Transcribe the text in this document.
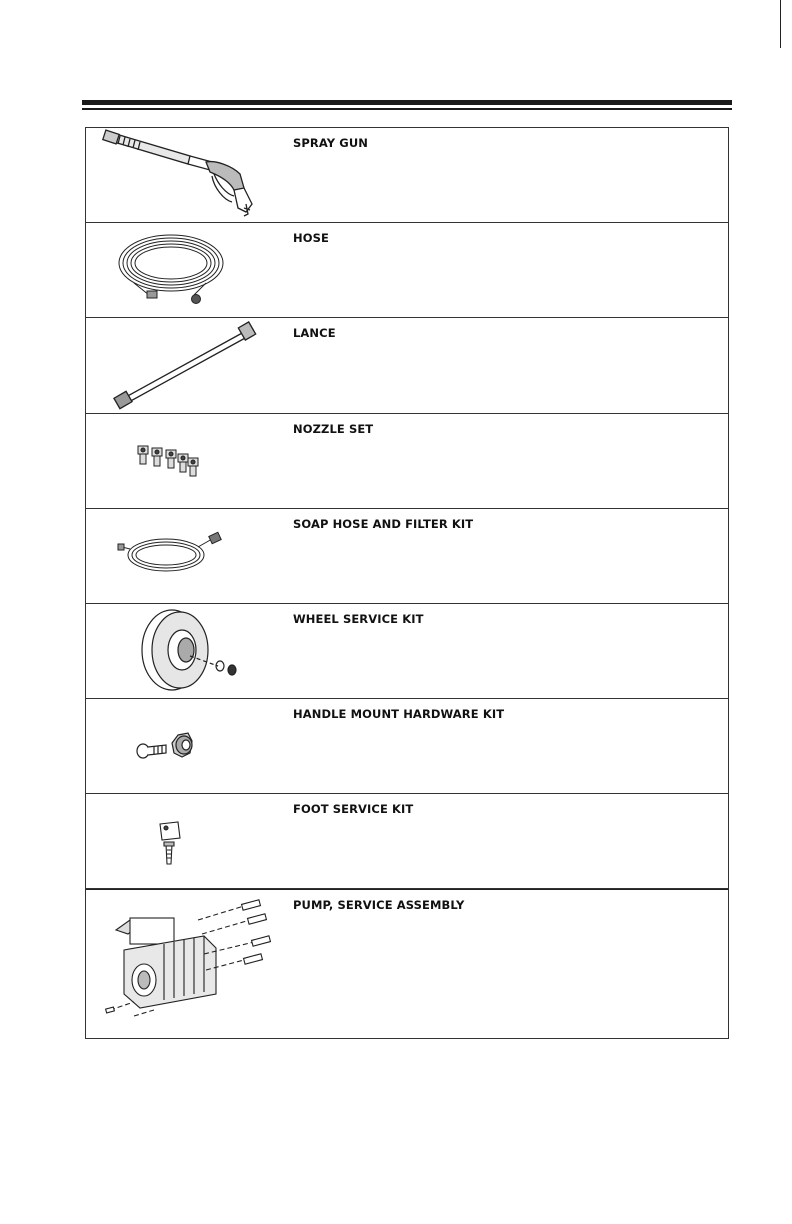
SPRAY GUN
HOSE
LANCE
NOZZLE SET
SOAP HOSE AND FILTER KIT
WHEEL SERVICE KIT
HANDLE MOUNT HARDWARE KIT
FOOT SERVICE KIT
PUMP, SERVICE ASSEMBLY
